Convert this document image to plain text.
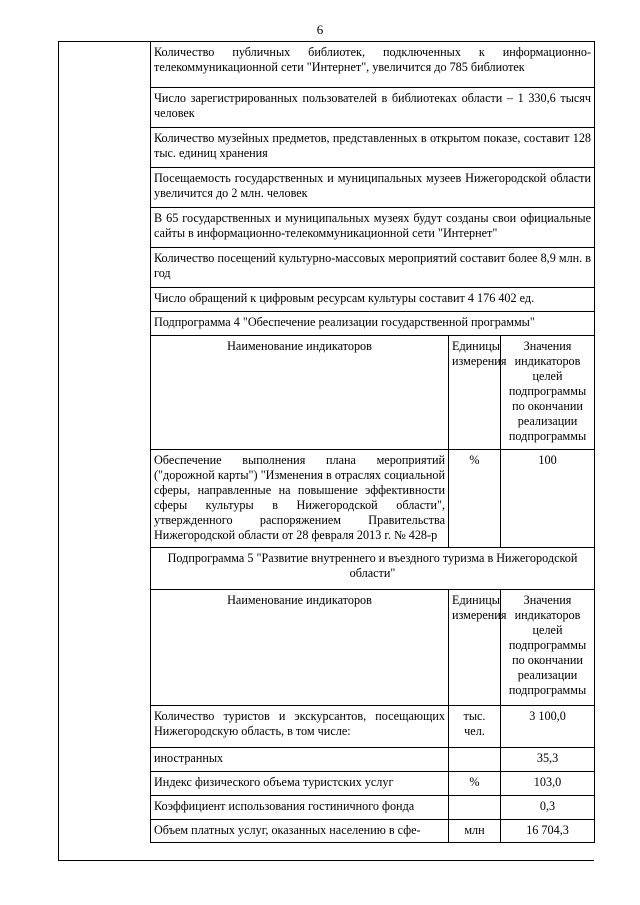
6
Количество публичных библиотек, подключенных к информационно-телекоммуникационной сети "Интернет", увеличится до 785 библиотек		
Число зарегистрированных пользователей в библиотеках области – 1 330,6 тысяч человек		
Количество музейных предметов, представленных в открытом показе, составит 128 тыс. единиц хранения		
Посещаемость государственных и муниципальных музеев Нижегородской области увеличится до 2 млн. человек		
В 65 государственных и муниципальных музеях будут созданы свои официальные сайты в информационно-телекоммуникационной сети "Интернет"		
Количество посещений культурно-массовых мероприятий составит более 8,9 млн. в год		
Число обращений к цифровым ресурсам культуры составит 4 176 402 ед.		
Подпрограмма 4 "Обеспечение реализации государственной программы"		
Наименование индикаторов	Единицы измерения	Значения индикаторов целей подпрограммы по окончании реализации подпрограммы
Обеспечение выполнения плана мероприятий ("дорожной карты") "Изменения в отраслях социальной сферы, направленные на повышение эффективности сферы культуры в Нижегородской области", утвержденного распоряжением Правительства Нижегородской области от 28 февраля 2013 г. № 428-р	%	100
Подпрограмма 5 "Развитие внутреннего и въездного туризма в Нижегородской области"		
Наименование индикаторов	Единицы измерения	Значения индикаторов целей подпрограммы по окончании реализации подпрограммы
Количество туристов и экскурсантов, посещающих Нижегородскую область, в том числе:	тыс. чел.	3 100,0
иностранных		35,3
Индекс физического объема туристских услуг	%	103,0
Коэффициент использования гостиничного фонда		0,3
Объем платных услуг, оказанных населению в сфе-	млн	16 704,3
